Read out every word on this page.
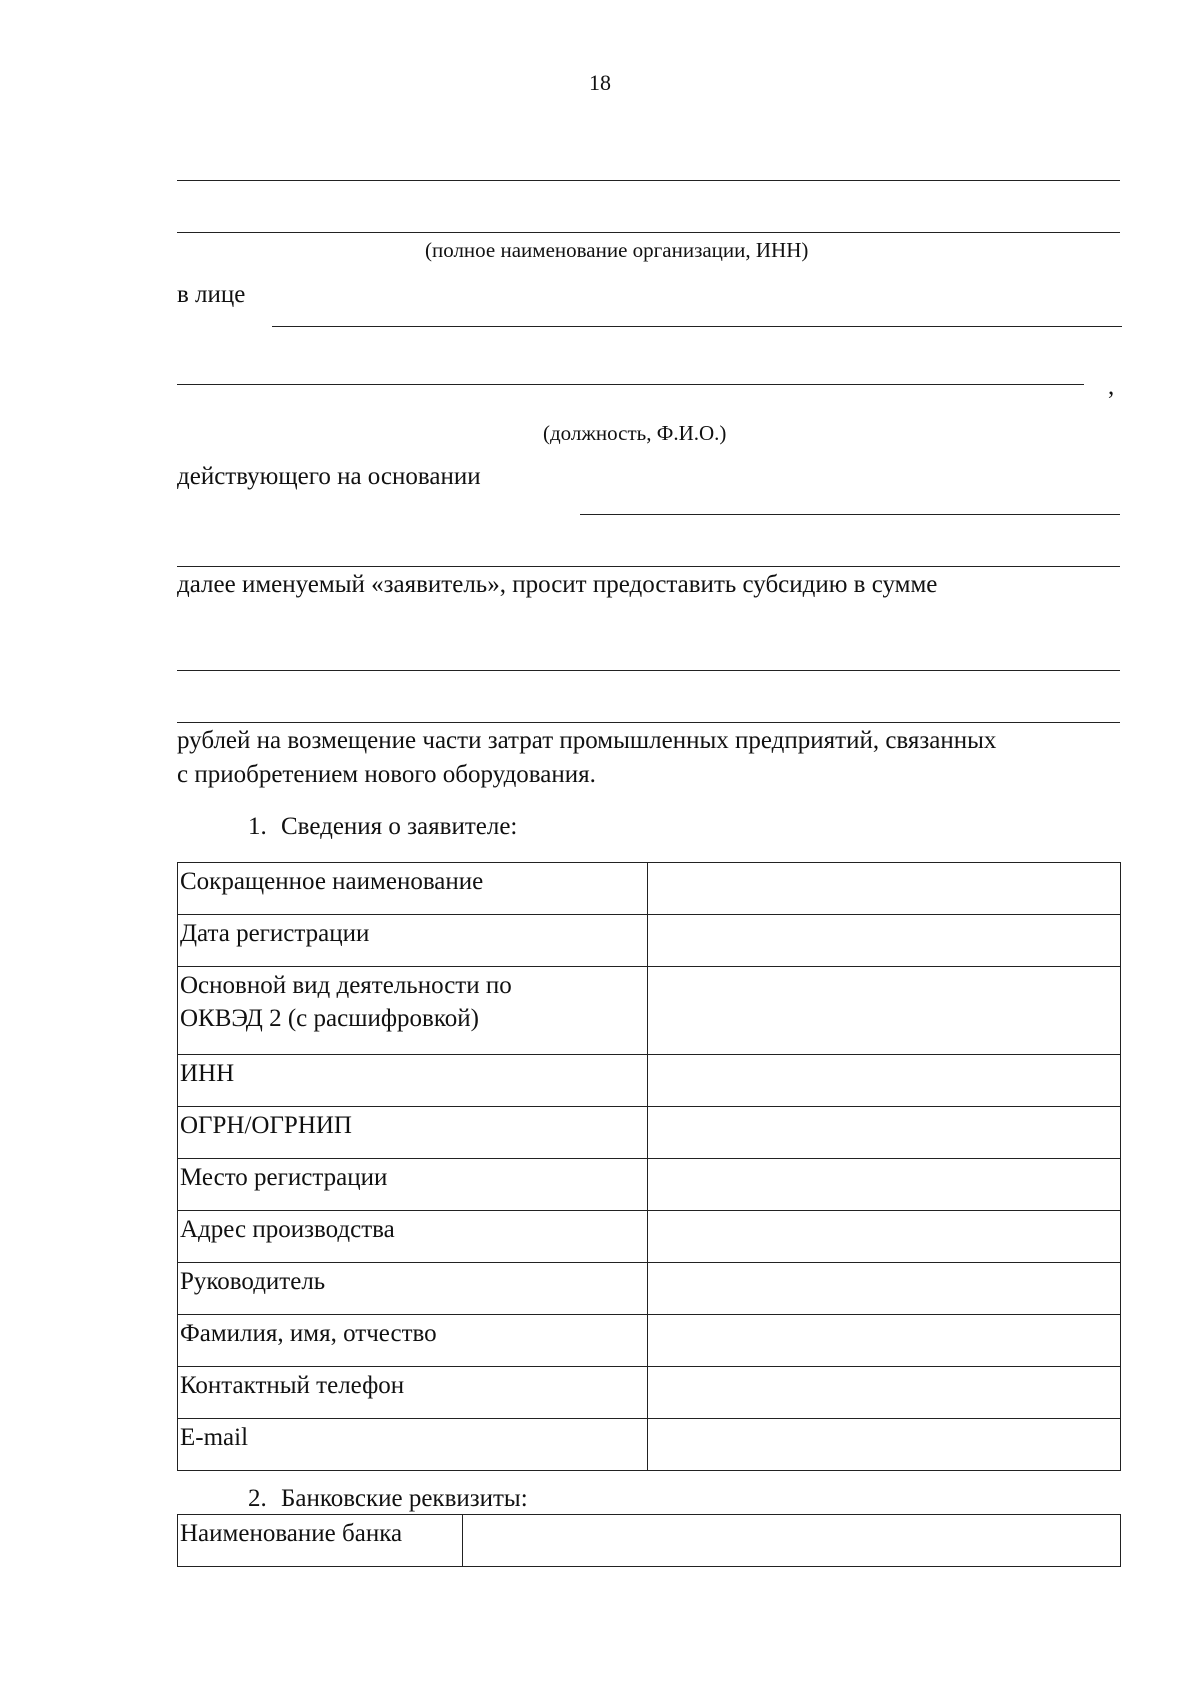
18
(полное наименование организации, ИНН)
в лице
,
(должность, Ф.И.О.)
действующего на основании
далее именуемый «заявитель», просит предоставить субсидию в сумме
рублей на возмещение части затрат промышленных предприятий, связанных
с приобретением нового оборудования.
1. Сведения о заявителе:
Сокращенное наименование	
Дата регистрации	
Основной вид деятельности по
ОКВЭД 2 (с расшифровкой)	
ИНН	
ОГРН/ОГРНИП	
Место регистрации	
Адрес производства	
Руководитель	
Фамилия, имя, отчество	
Контактный телефон	
E-mail	
2. Банковские реквизиты:
Наименование банка	
